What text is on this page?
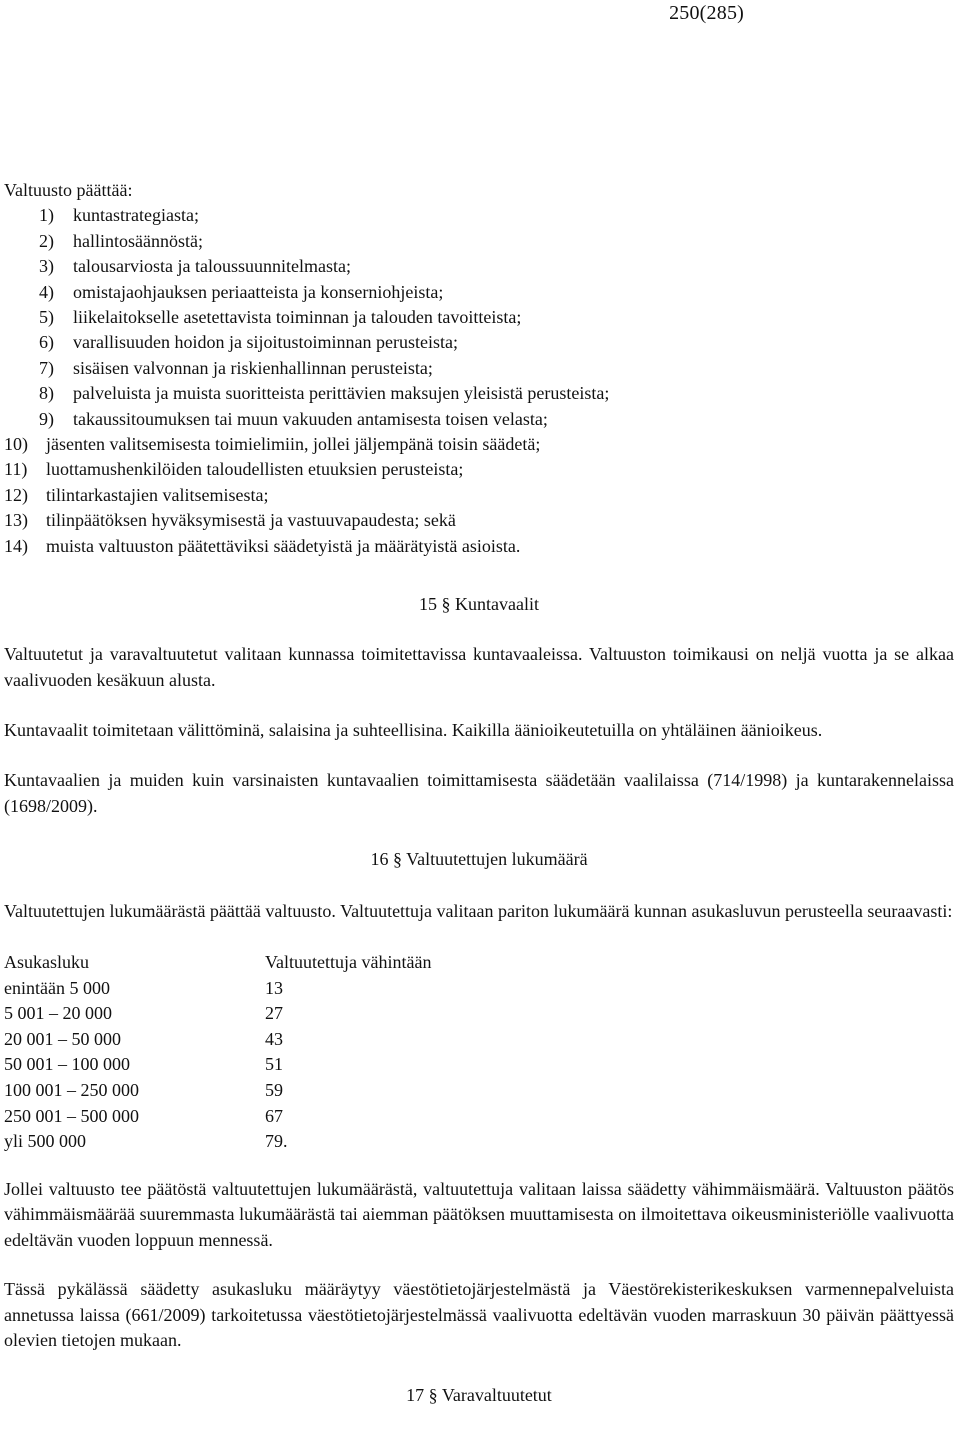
250(285)

Valtuusto päättää:

1) kuntastrategiasta;
2) hallintosäännöstä;
3) talousarviosta ja taloussuunnitelmasta;
4) omistajaohjauksen periaatteista ja konserniohjeista;
5) liikelaitokselle asetettavista toiminnan ja talouden tavoitteista;
6) varallisuuden hoidon ja sijoitustoiminnan perusteista;
7) sisäisen valvonnan ja riskienhallinnan perusteista;
8) palveluista ja muista suoritteista perittävien maksujen yleisistä perusteista;
9) takaussitoumuksen tai muun vakuuden antamisesta toisen velasta;
10) jäsenten valitsemisesta toimielimiin, jollei jäljempänä toisin säädetä;
11) luottamushenkilöiden taloudellisten etuuksien perusteista;
12) tilintarkastajien valitsemisesta;
13) tilinpäätöksen hyväksymisestä ja vastuuvapaudesta; sekä
14) muista valtuuston päätettäviksi säädetyistä ja määrätyistä asioista.

15 § Kuntavaalit

Valtuutetut ja varavaltuutetut valitaan kunnassa toimitettavissa kuntavaaleissa. Valtuuston toimikausi on neljä vuotta ja se alkaa vaalivuoden kesäkuun alusta.

Kuntavaalit toimitetaan välittöminä, salaisina ja suhteellisina. Kaikilla äänioikeutetuilla on yhtäläinen äänioikeus.

Kuntavaalien ja muiden kuin varsinaisten kuntavaalien toimittamisesta säädetään vaalilaissa (714/1998) ja kuntarakennelaissa (1698/2009).

16 § Valtuutettujen lukumäärä

Valtuutettujen lukumäärästä päättää valtuusto. Valtuutettuja valitaan pariton lukumäärä kunnan asukasluvun perusteella seuraavasti:

Asukasluku	Valtuutettuja vähintään
enintään 5 000	13
5 001 – 20 000	27
20 001 – 50 000	43
50 001 – 100 000	51
100 001 – 250 000	59
250 001 – 500 000	67
yli 500 000	79.

Jollei valtuusto tee päätöstä valtuutettujen lukumäärästä, valtuutettuja valitaan laissa säädetty vähimmäismäärä. Valtuuston päätös vähimmäismäärää suuremmasta lukumäärästä tai aiemman päätöksen muuttamisesta on ilmoitettava oikeusministeriölle vaalivuotta edeltävän vuoden loppuun mennessä.

Tässä pykälässä säädetty asukasluku määräytyy väestötietojärjestelmästä ja Väestörekisterikeskuksen varmennepalveluista annetussa laissa (661/2009) tarkoitetussa väestötietojärjestelmässä vaalivuotta edeltävän vuoden marraskuun 30 päivän päättyessä olevien tietojen mukaan.

17 § Varavaltuutetut
